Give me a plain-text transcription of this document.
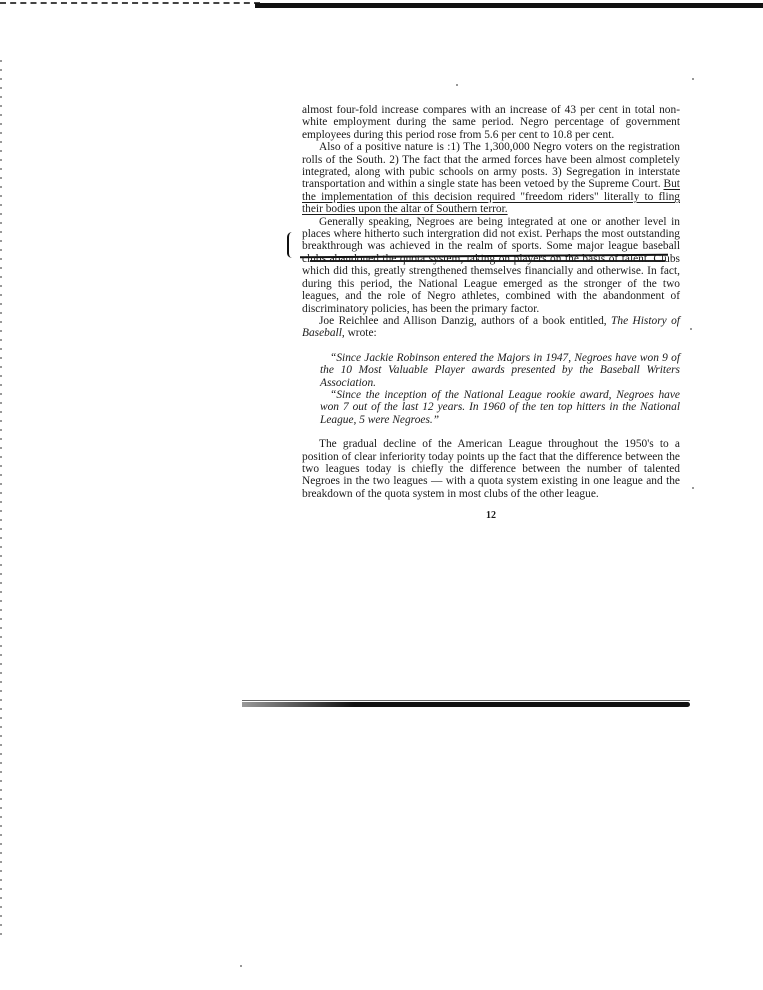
almost four-fold increase compares with an increase of 43 per cent in total non-white employment during the same period. Negro percentage of government employees during this period rose from 5.6 per cent to 10.8 per cent.

Also of a positive nature is :1) The 1,300,000 Negro voters on the registration rolls of the South. 2) The fact that the armed forces have been almost completely integrated, along with pubic schools on army posts. 3) Segregation in interstate transportation and within a single state has been vetoed by the Supreme Court. But the implementation of this decision required "freedom riders" literally to fling their bodies upon the altar of Southern terror.

Generally speaking, Negroes are being integrated at one or another level in places where hitherto such intergration did not exist. Perhaps the most outstanding breakthrough was achieved in the realm of sports. Some major league baseball clubs abandoned the quota system, taking on players on the basis of talent. Clubs which did this, greatly strengthened themselves financially and otherwise. In fact, during this period, the National League emerged as the stronger of the two leagues, and the role of Negro athletes, combined with the abandonment of discriminatory policies, has been the primary factor.

Joe Reichlee and Allison Danzig, authors of a book entitled, The History of Baseball, wrote:

“Since Jackie Robinson entered the Majors in 1947, Negroes have won 9 of the 10 Most Valuable Player awards presented by the Baseball Writers Association.

“Since the inception of the National League rookie award, Negroes have won 7 out of the last 12 years. In 1960 of the ten top hitters in the National League, 5 were Negroes.”

The gradual decline of the American League throughout the 1950's to a position of clear inferiority today points up the fact that the difference between the two leagues today is chiefly the difference between the number of talented Negroes in the two leagues — with a quota system existing in one league and the breakdown of the quota system in most clubs of the other league.

12
